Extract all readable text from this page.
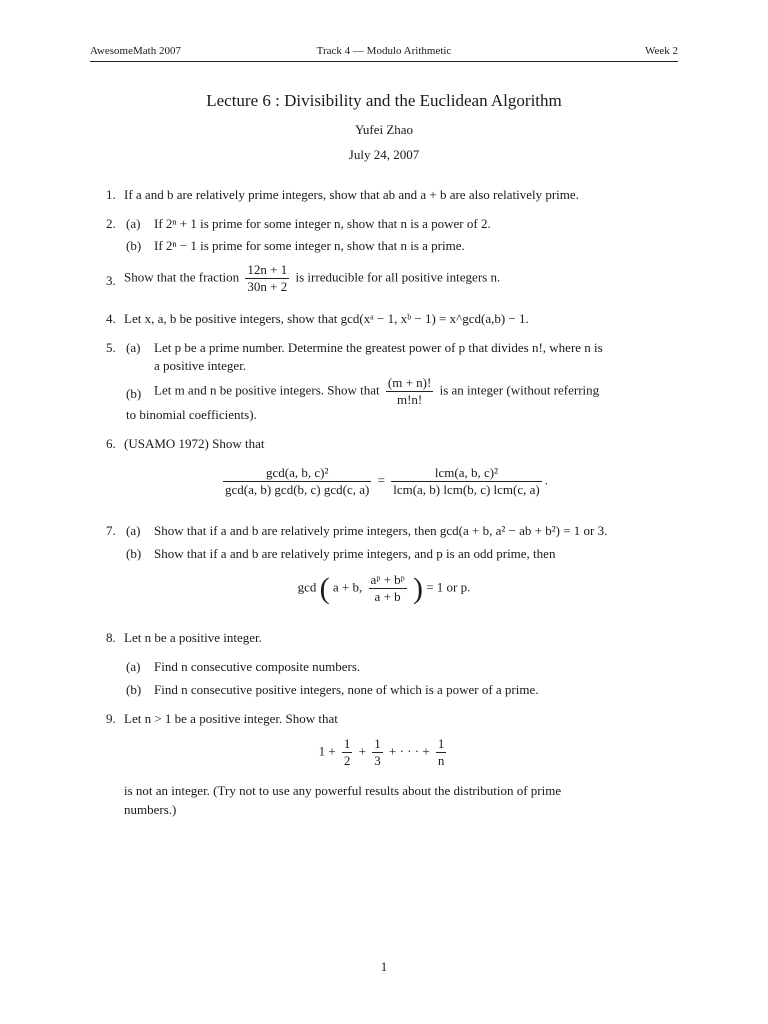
AwesomeMath 2007	Track 4 — Modulo Arithmetic	Week 2
Lecture 6 : Divisibility and the Euclidean Algorithm
Yufei Zhao
July 24, 2007
1. If a and b are relatively prime integers, show that ab and a + b are also relatively prime.
2. (a)	If 2ⁿ + 1 is prime for some integer n, show that n is a power of 2.
(b) If 2ⁿ − 1 is prime for some integer n, show that n is a prime.
3. Show that the fraction $\frac{12n + 1}{30n + 2}$ is irreducible for all positive integers n.
4. Let x, a, b be positive integers, show that gcd(xᵃ − 1, xᵇ − 1) = x^gcd(a,b) − 1.
5. (a) Let p be a prime number. Determine the greatest power of p that divides n!, where n is
a positive integer.
(b) Let m and n be positive integers. Show that $\frac{(m + n)!}{m!n!}$ is an integer (without referring
to binomial coefficients).
6. (USAMO 1972) Show that
$\frac{\text{gcd(a, b, c)²}}{\gcd(a, b) \gcd(b, c) \gcd(c, a)} = \frac{\text{lcm(a, b, c)²}}{\text{lcm(a, b) lcm(b, c) lcm(c, a)}}$ .
7. (a) Show that if a and b are relatively prime integers, then gcd(a + b, a² − ab + b²) = 1 or 3.
(b) Show that if a and b are relatively prime integers, and p is an odd prime, then
gcd ( a + b, $\frac{\text{aᵖ + bᵖ}}{a + b}$ ) = 1 or p.
8. Let n be a positive integer.
(a) Find n consecutive composite numbers.
(b) Find n consecutive positive integers, none of which is a power of a prime.
9. Let n > 1 be a positive integer. Show that
$1 + \frac{1}{2} + \frac{1}{3}$ + · · · + $\frac{1}{n}$
is not an integer. (Try not to use any powerful results about the distribution of prime
numbers.)
1
